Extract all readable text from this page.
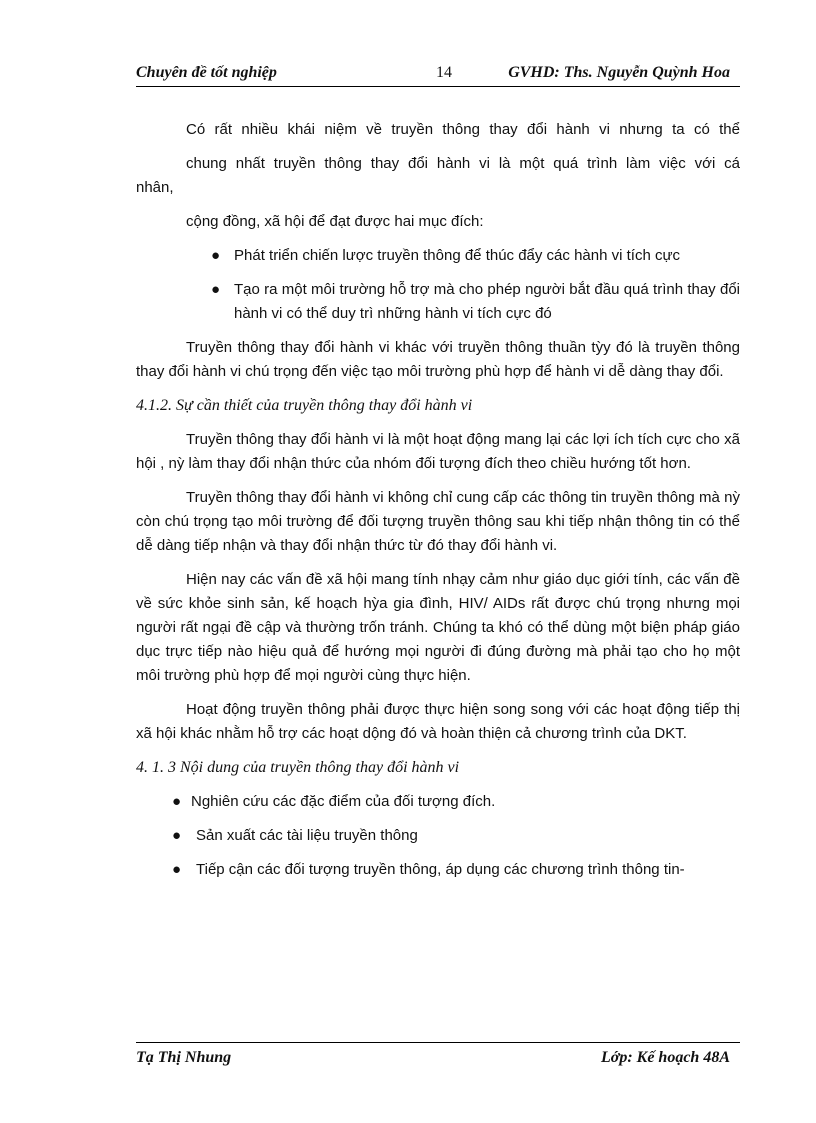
Chuyên đề tốt nghiệp	14	GVHD: Ths. Nguyễn Quỳnh Hoa

Có rất nhiều khái niệm về truyền thông thay đổi hành vi nhưng ta có thể

chung nhất truyền thông thay đổi hành vi là một quá trình làm việc với cá

nhân,

cộng đồng, xã hội để đạt được hai mục đích:

● Phát triển chiến lược truyền thông để thúc đẩy các hành vi tích cực
● Tạo ra một môi trường hỗ trợ mà cho phép người bắt đầu quá trình thay đổi hành vi có thể duy trì những hành vi tích cực đó

Truyền thông thay đổi hành vi khác với truyền thông thuần tỳy đó là truyền thông thay đổi hành vi chú trọng đến việc tạo môi trường phù hợp để hành vi dễ dàng thay đổi.

4.1.2. Sự cần thiết của truyền thông thay đổi hành vi

Truyền thông thay đổi hành vi là một hoạt động mang lại các lợi ích tích cực cho xã hội , nỳ làm thay đổi nhận thức của nhóm đối tượng đích theo chiều hướng tốt hơn.

Truyền thông thay đổi hành vi không chỉ cung cấp các thông tin truyền thông mà nỳ còn chú trọng tạo môi trường để đối tượng truyền thông sau khi tiếp nhận thông tin có thể dễ dàng tiếp nhận và thay đổi nhận thức từ đó thay đổi hành vi.

Hiện nay các vấn đề xã hội mang tính nhạy cảm như giáo dục giới tính, các vấn đề về sức khỏe sinh sản, kế hoạch hỳa gia đình, HIV/ AIDs rất được chú trọng nhưng mọi người rất ngại đề cập và thường trốn tránh. Chúng ta khó có thể dùng một biện pháp giáo dục trực tiếp nào hiệu quả để hướng mọi người đi đúng đường mà phải tạo cho họ một môi trường phù hợp để mọi người cùng thực hiện.

Hoạt động truyền thông phải được thực hiện song song với các hoạt động tiếp thị xã hội khác nhằm hỗ trợ các hoạt dộng đó và hoàn thiện cả chương trình của DKT.

4. 1. 3 Nội dung của truyền thông thay đổi hành vi

● Nghiên cứu các đặc điểm của đối tượng đích.
● Sản xuất các tài liệu truyền thông
● Tiếp cận các đối tượng truyền thông, áp dụng các chương trình thông tin-
Tạ Thị Nhung	Lớp: Kế hoạch 48A
